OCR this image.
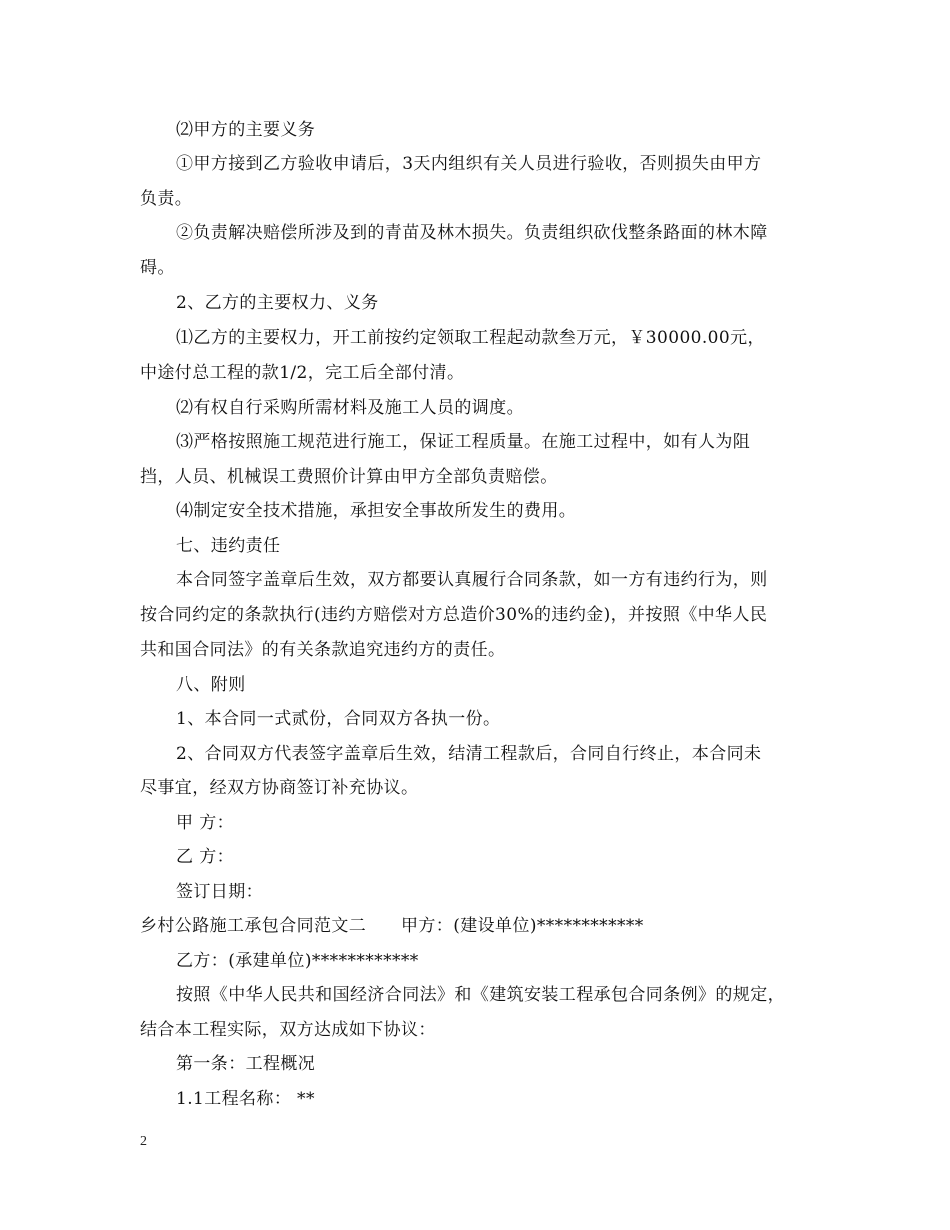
⑵甲方的主要义务
①甲方接到乙方验收申请后，3天内组织有关人员进行验收，否则损失由甲方
负责。
②负责解决赔偿所涉及到的青苗及林木损失。负责组织砍伐整条路面的林木障
碍。
2、乙方的主要权力、义务
⑴乙方的主要权力，开工前按约定领取工程起动款叁万元，￥30000.00元，
中途付总工程的款1/2，完工后全部付清。
⑵有权自行采购所需材料及施工人员的调度。
⑶严格按照施工规范进行施工，保证工程质量。在施工过程中，如有人为阻
挡，人员、机械误工费照价计算由甲方全部负责赔偿。
⑷制定安全技术措施，承担安全事故所发生的费用。
七、违约责任
本合同签字盖章后生效，双方都要认真履行合同条款，如一方有违约行为，则
按合同约定的条款执行(违约方赔偿对方总造价30%的违约金)，并按照《中华人民
共和国合同法》的有关条款追究违约方的责任。
八、附则
1、本合同一式贰份，合同双方各执一份。
2、合同双方代表签字盖章后生效，结清工程款后，合同自行终止，本合同未
尽事宜，经双方协商签订补充协议。
甲 方：
乙 方：
签订日期：
乡村公路施工承包合同范文二　　甲方：(建设单位)************
乙方：(承建单位)************
按照《中华人民共和国经济合同法》和《建筑安装工程承包合同条例》的规定，
结合本工程实际，双方达成如下协议：
第一条：工程概况
1.1工程名称： **
2
